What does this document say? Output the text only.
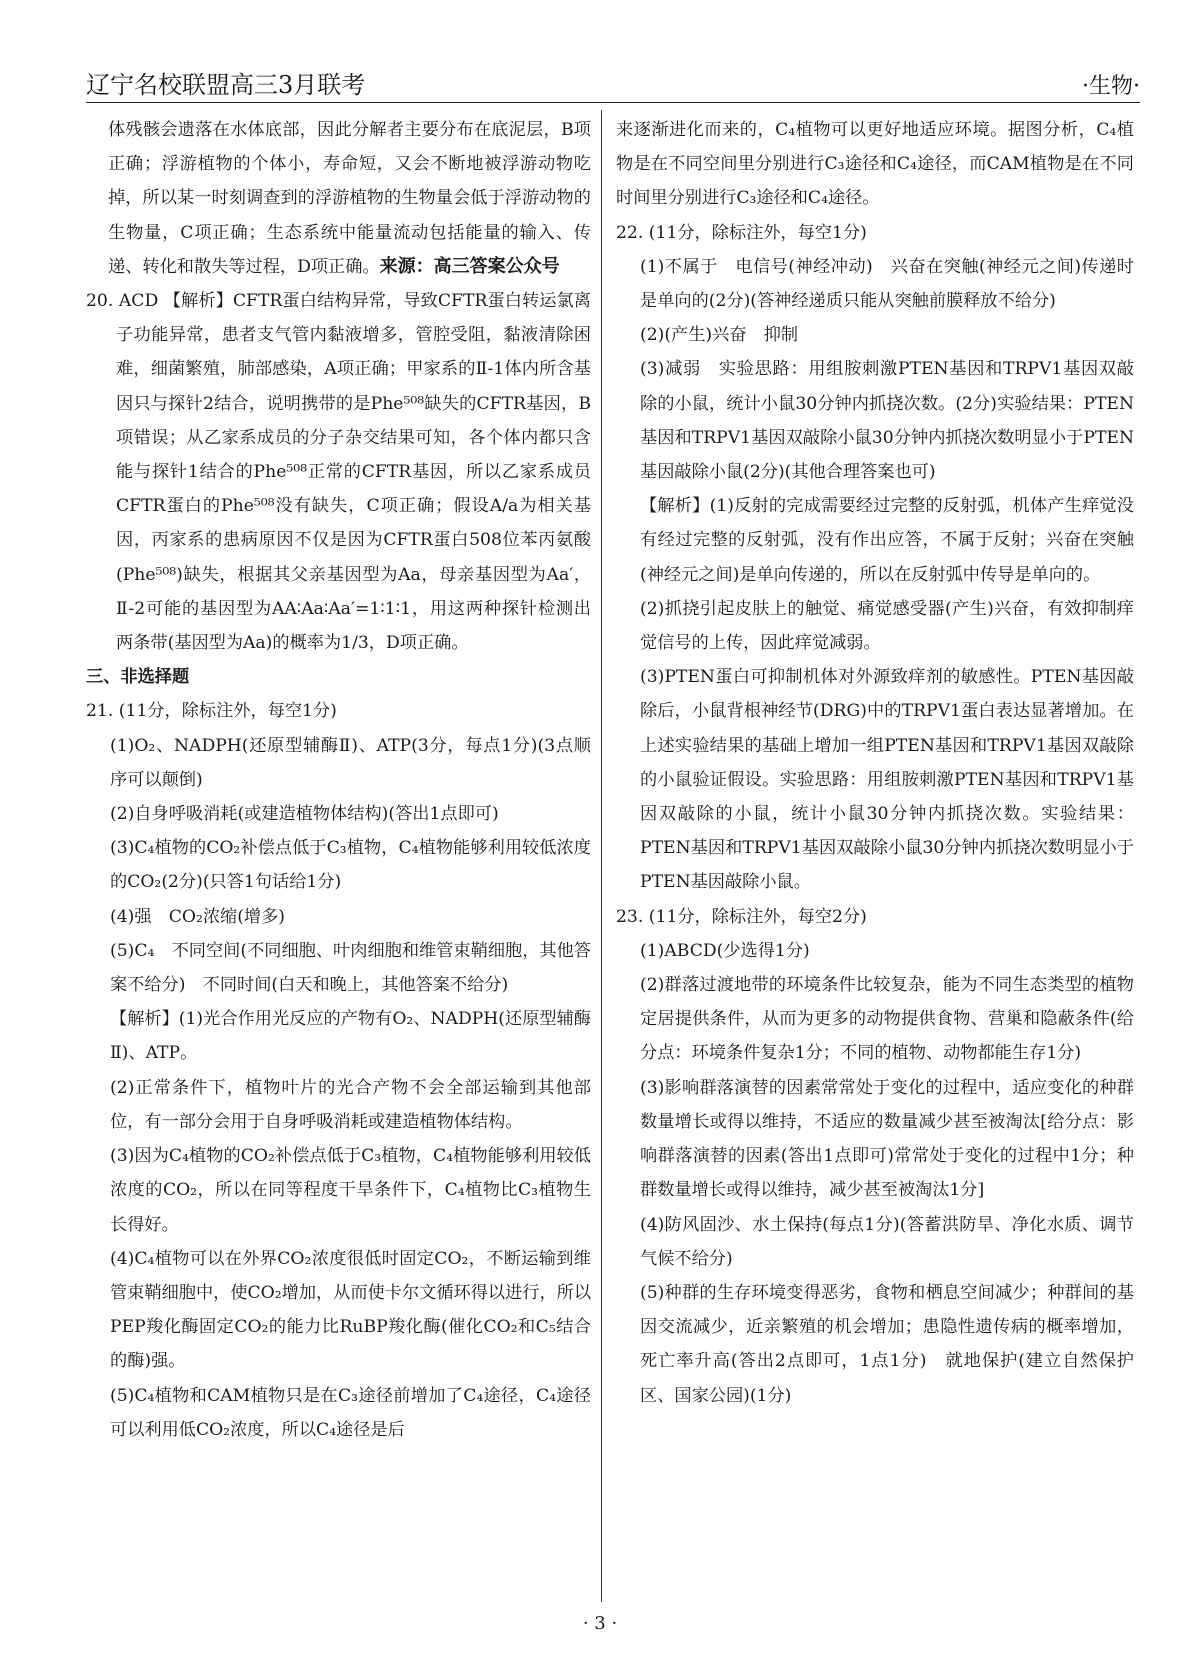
辽宁名校联盟高三3月联考	·生物·

体残骸会遗落在水体底部，因此分解者主要分布在底泥层，B项正确；浮游植物的个体小，寿命短，又会不断地被浮游动物吃掉，所以某一时刻调查到的浮游植物的生物量会低于浮游动物的生物量，C项正确；生态系统中能量流动包括能量的输入、传递、转化和散失等过程，D项正确。来源：高三答案公众号

20. ACD 【解析】CFTR蛋白结构异常，导致CFTR蛋白转运氯离子功能异常，患者支气管内黏液增多，管腔受阻，黏液清除困难，细菌繁殖，肺部感染，A项正确；甲家系的Ⅱ-1体内所含基因只与探针2结合，说明携带的是Phe⁵⁰⁸缺失的CFTR基因，B项错误；从乙家系成员的分子杂交结果可知，各个体内都只含能与探针1结合的Phe⁵⁰⁸正常的CFTR基因，所以乙家系成员CFTR蛋白的Phe⁵⁰⁸没有缺失，C项正确；假设A/a为相关基因，丙家系的患病原因不仅是因为CFTR蛋白508位苯丙氨酸(Phe⁵⁰⁸)缺失，根据其父亲基因型为Aa，母亲基因型为Aa′，Ⅱ-2可能的基因型为AA∶Aa∶Aa′=1∶1∶1，用这两种探针检测出两条带(基因型为Aa)的概率为1/3，D项正确。

三、非选择题

21. (11分，除标注外，每空1分)

(1)O₂、NADPH(还原型辅酶Ⅱ)、ATP(3分，每点1分)(3点顺序可以颠倒)

(2)自身呼吸消耗(或建造植物体结构)(答出1点即可)

(3)C₄植物的CO₂补偿点低于C₃植物，C₄植物能够利用较低浓度的CO₂(2分)(只答1句话给1分)

(4)强　CO₂浓缩(增多)

(5)C₄　不同空间(不同细胞、叶肉细胞和维管束鞘细胞，其他答案不给分)　不同时间(白天和晚上，其他答案不给分)

【解析】(1)光合作用光反应的产物有O₂、NADPH(还原型辅酶Ⅱ)、ATP。

(2)正常条件下，植物叶片的光合产物不会全部运输到其他部位，有一部分会用于自身呼吸消耗或建造植物体结构。

(3)因为C₄植物的CO₂补偿点低于C₃植物，C₄植物能够利用较低浓度的CO₂，所以在同等程度干旱条件下，C₄植物比C₃植物生长得好。

(4)C₄植物可以在外界CO₂浓度很低时固定CO₂，不断运输到维管束鞘细胞中，使CO₂增加，从而使卡尔文循环得以进行，所以PEP羧化酶固定CO₂的能力比RuBP羧化酶(催化CO₂和C₅结合的酶)强。

(5)C₄植物和CAM植物只是在C₃途径前增加了C₄途径，C₄途径可以利用低CO₂浓度，所以C₄途径是后

来逐渐进化而来的，C₄植物可以更好地适应环境。据图分析，C₄植物是在不同空间里分别进行C₃途径和C₄途径，而CAM植物是在不同时间里分别进行C₃途径和C₄途径。

22. (11分，除标注外，每空1分)

(1)不属于　电信号(神经冲动)　兴奋在突触(神经元之间)传递时是单向的(2分)(答神经递质只能从突触前膜释放不给分)

(2)(产生)兴奋　抑制

(3)减弱　实验思路：用组胺刺激PTEN基因和TRPV1基因双敲除的小鼠，统计小鼠30分钟内抓挠次数。(2分)实验结果：PTEN基因和TRPV1基因双敲除小鼠30分钟内抓挠次数明显小于PTEN基因敲除小鼠(2分)(其他合理答案也可)

【解析】(1)反射的完成需要经过完整的反射弧，机体产生痒觉没有经过完整的反射弧，没有作出应答，不属于反射；兴奋在突触(神经元之间)是单向传递的，所以在反射弧中传导是单向的。

(2)抓挠引起皮肤上的触觉、痛觉感受器(产生)兴奋，有效抑制痒觉信号的上传，因此痒觉减弱。

(3)PTEN蛋白可抑制机体对外源致痒剂的敏感性。PTEN基因敲除后，小鼠背根神经节(DRG)中的TRPV1蛋白表达显著增加。在上述实验结果的基础上增加一组PTEN基因和TRPV1基因双敲除的小鼠验证假设。实验思路：用组胺刺激PTEN基因和TRPV1基因双敲除的小鼠，统计小鼠30分钟内抓挠次数。实验结果：PTEN基因和TRPV1基因双敲除小鼠30分钟内抓挠次数明显小于PTEN基因敲除小鼠。

23. (11分，除标注外，每空2分)

(1)ABCD(少选得1分)

(2)群落过渡地带的环境条件比较复杂，能为不同生态类型的植物定居提供条件，从而为更多的动物提供食物、营巢和隐蔽条件(给分点：环境条件复杂1分；不同的植物、动物都能生存1分)

(3)影响群落演替的因素常常处于变化的过程中，适应变化的种群数量增长或得以维持，不适应的数量减少甚至被淘汰[给分点：影响群落演替的因素(答出1点即可)常常处于变化的过程中1分；种群数量增长或得以维持，减少甚至被淘汰1分]

(4)防风固沙、水土保持(每点1分)(答蓄洪防旱、净化水质、调节气候不给分)

(5)种群的生存环境变得恶劣，食物和栖息空间减少；种群间的基因交流减少，近亲繁殖的机会增加；患隐性遗传病的概率增加，死亡率升高(答出2点即可，1点1分)　就地保护(建立自然保护区、国家公园)(1分)

· 3 ·
